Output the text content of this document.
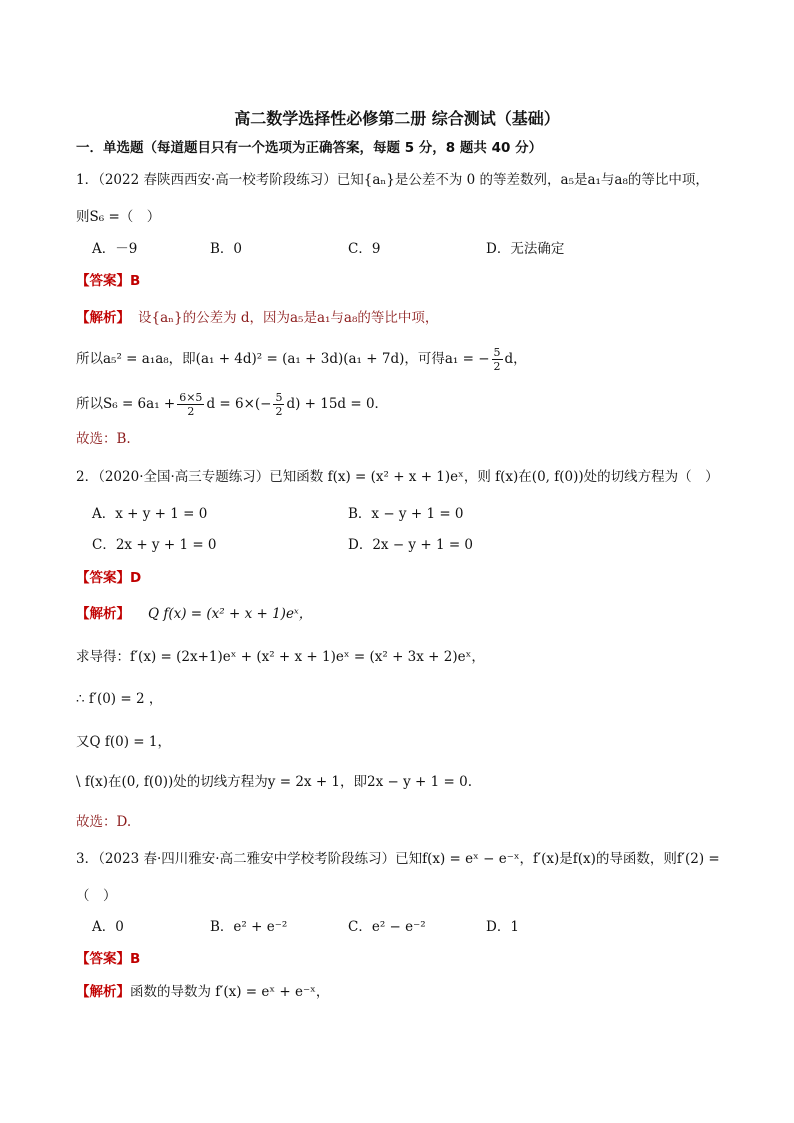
高二数学选择性必修第二册 综合测试（基础）
一．单选题（每道题目只有一个选项为正确答案，每题 5 分，8 题共 40 分）
1．（2022 春陕西西安·高一校考阶段练习）已知{aₙ}是公差不为 0 的等差数列，a₅是a₁与a₈的等比中项，
则S₆ =（　）
A．－9	B．0	C．9	D．无法确定
【答案】B
【解析】 设{aₙ}的公差为 d，因为a₅是a₁与a₈的等比中项，
所以a₅² = a₁a₈，即(a₁ + 4d)² = (a₁ + 3d)(a₁ + 7d)，可得a₁ = − $\frac{5}{2}$ d，
所以$S_6 = 6a_1 + \frac{6\times 5}{2}$ $d = 6\times(- \frac{5}{2} d) + 15d = 0$．
故选：B.
2．（2020·全国·高三专题练习）已知函数 f(x) = (x² + x + 1)eˣ，则 f(x)在(0, f(0))处的切线方程为（　）
A．x + y + 1 = 0	B．x − y + 1 = 0
C．2x + y + 1 = 0	D．2x − y + 1 = 0
【答案】D
【解析】 Q f(x) = (x² + x + 1)eˣ，
求导得：f′(x) = (2x+1)eˣ + (x² + x + 1)eˣ = (x² + 3x + 2)eˣ，
∴ f′(0) = 2 ，
又Q f(0) = 1，
\ f(x)在(0, f(0))处的切线方程为y = 2x + 1，即2x − y + 1 = 0.
故选：D.
3．（2023 春·四川雅安·高二雅安中学校考阶段练习）已知f(x) = eˣ − e⁻ˣ，f′(x)是f(x)的导函数，则f′(2) =
（　）
A．0	B．e² + e⁻²	C．e² − e⁻²	D．1
【答案】B
【解析】函数的导数为 f′(x) = eˣ + e⁻ˣ，
